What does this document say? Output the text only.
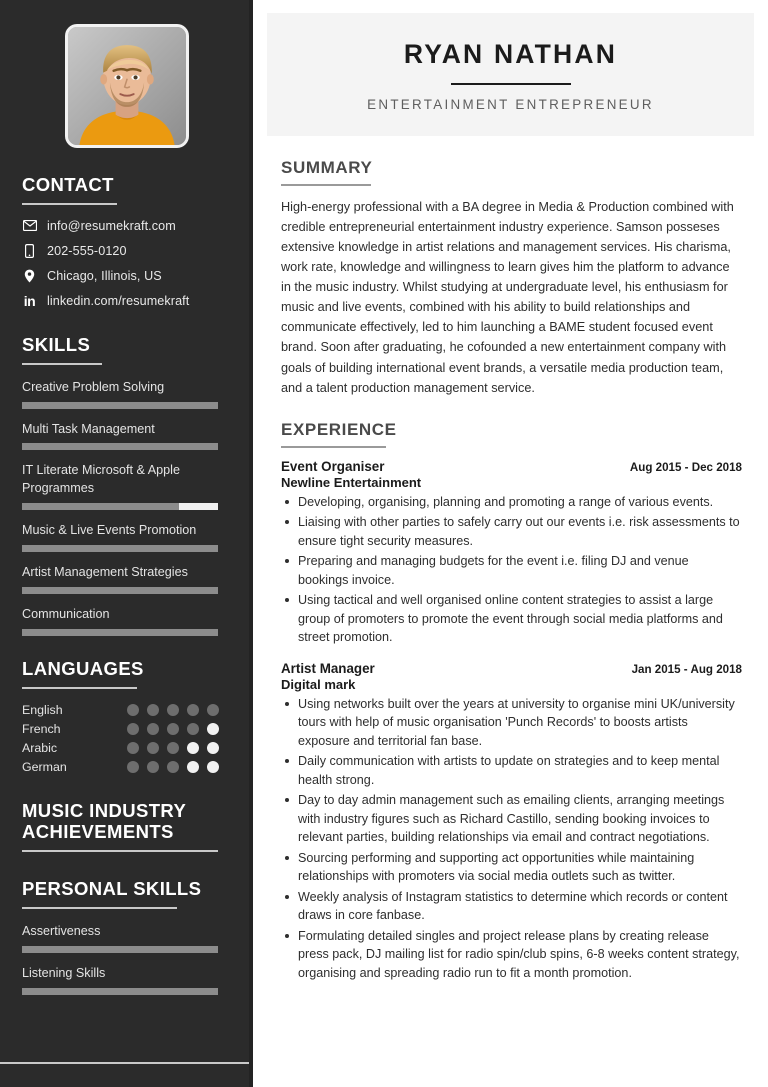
CONTACT
info@resumekraft.com
202-555-0120
Chicago, Illinois, US
in linkedin.com/resumekraft
SKILLS
Creative Problem Solving
Multi Task Management
IT Literate Microsoft & Apple Programmes
Music & Live Events Promotion
Artist Management Strategies
Communication
LANGUAGES
English
French
Arabic
German
MUSIC INDUSTRY ACHIEVEMENTS
PERSONAL SKILLS
Assertiveness
Listening Skills
RYAN NATHAN
ENTERTAINMENT ENTREPRENEUR
SUMMARY

High-energy professional with a BA degree in Media & Production combined with credible entrepreneurial entertainment industry experience. Samson posseses extensive knowledge in artist relations and management services. His charisma, work rate, knowledge and willingness to learn gives him the platform to advance in the music industry. Whilst studying at undergraduate level, his enthusiasm for music and live events, combined with his ability to build relationships and communicate effectively, led to him launching a BAME student focused event brand. Soon after graduating, he cofounded a new entertainment company with goals of building international event brands, a versatile media production team, and a talent production management service.

EXPERIENCE
Event Organiser	Aug 2015 - Dec 2018
Newline Entertainment
Developing, organising, planning and promoting a range of various events.
Liaising with other parties to safely carry out our events i.e. risk assessments to ensure tight security measures.
Preparing and managing budgets for the event i.e. filing DJ and venue bookings invoice.
Using tactical and well organised online content strategies to assist a large group of promoters to promote the event through social media platforms and street promotion.
Artist Manager	Jan 2015 - Aug 2018
Digital mark
Using networks built over the years at university to organise mini UK/university tours with help of music organisation 'Punch Records' to boosts artists exposure and territorial fan base.
Daily communication with artists to update on strategies and to keep mental health strong.
Day to day admin management such as emailing clients, arranging meetings with industry figures such as Richard Castillo, sending booking invoices to relevant parties, building relationships via email and contract negotiations.
Sourcing performing and supporting act opportunities while maintaining relationships with promoters via social media outlets such as twitter.
Weekly analysis of Instagram statistics to determine which records or content draws in core fanbase.
Formulating detailed singles and project release plans by creating release press pack, DJ mailing list for radio spin/club spins, 6-8 weeks content strategy, organising and spreading radio run to fit a month promotion.
